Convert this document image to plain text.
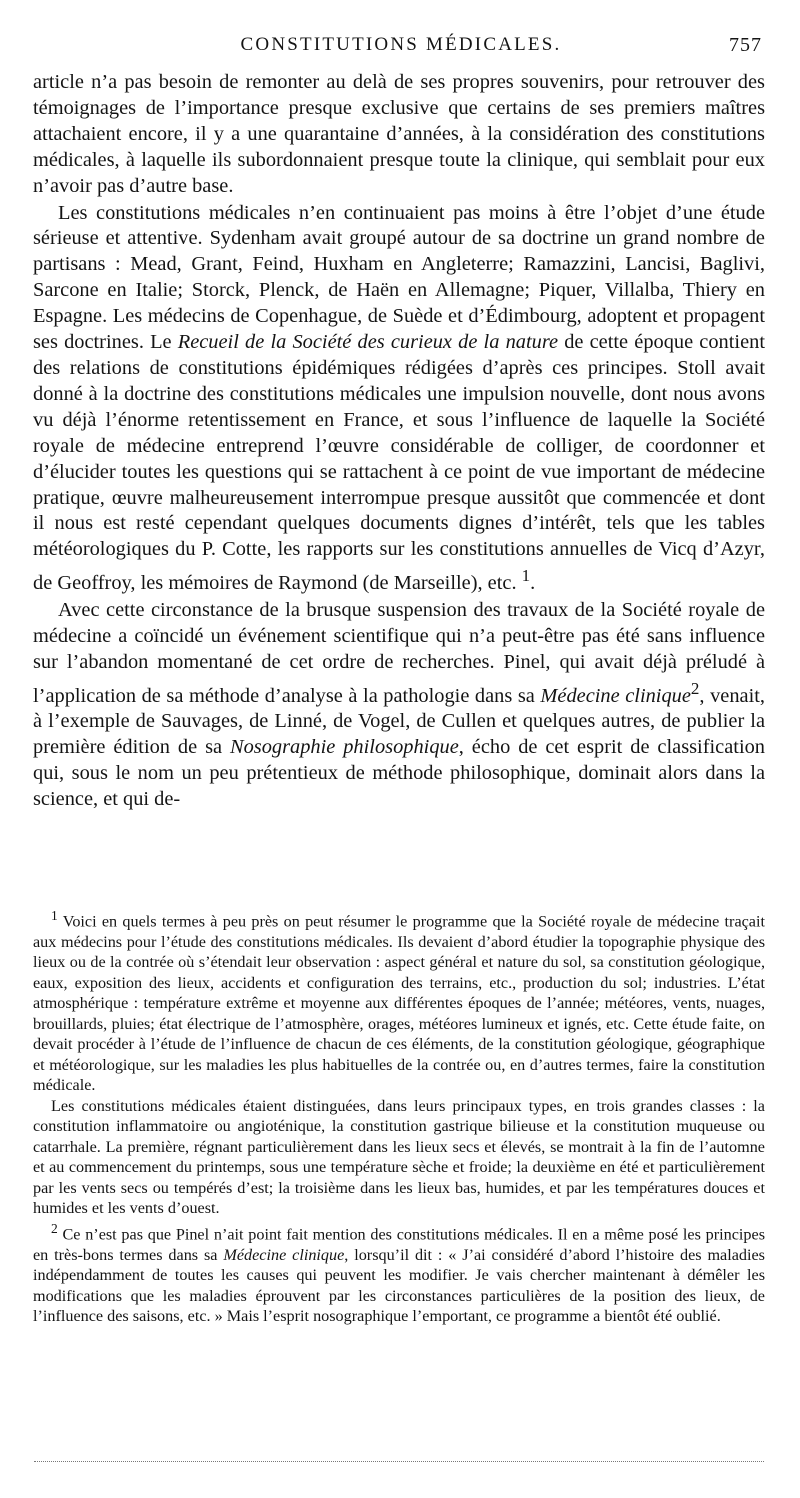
CONSTITUTIONS MÉDICALES.	757

article n’a pas besoin de remonter au delà de ses propres souvenirs, pour retrouver des témoignages de l’importance presque exclusive que certains de ses premiers maîtres attachaient encore, il y a une quarantaine d’années, à la considération des constitutions médicales, à laquelle ils subordonnaient presque toute la clinique, qui semblait pour eux n’avoir pas d’autre base.

Les constitutions médicales n’en continuaient pas moins à être l’objet d’une étude sérieuse et attentive. Sydenham avait groupé autour de sa doctrine un grand nombre de partisans : Mead, Grant, Feind, Huxham en Angleterre; Ramazzini, Lancisi, Baglivi, Sarcone en Italie; Storck, Plenck, de Haën en Allemagne; Piquer, Villalba, Thiery en Espagne. Les médecins de Copenhague, de Suède et d’Édimbourg, adoptent et propagent ses doctrines. Le Recueil de la Société des curieux de la nature de cette époque contient des relations de constitutions épidémiques rédigées d’après ces principes. Stoll avait donné à la doctrine des constitutions médicales une impulsion nouvelle, dont nous avons vu déjà l’énorme retentissement en France, et sous l’influence de laquelle la Société royale de médecine entreprend l’œuvre considérable de colliger, de coordonner et d’élucider toutes les questions qui se rattachent à ce point de vue important de médecine pratique, œuvre malheureusement interrompue presque aussitôt que commencée et dont il nous est resté cependant quelques documents dignes d’intérêt, tels que les tables météorologiques du P. Cotte, les rapports sur les constitutions annuelles de Vicq d’Azyr, de Geoffroy, les mémoires de Raymond (de Marseille), etc. $^1$.

Avec cette circonstance de la brusque suspension des travaux de la Société royale de médecine a coïncidé un événement scientifique qui n’a peut-être pas été sans influence sur l’abandon momentané de cet ordre de recherches. Pinel, qui avait déjà préludé à l’application de sa méthode d’analyse à la pathologie dans sa Médecine clinique$^2$, venait, à l’exemple de Sauvages, de Linné, de Vogel, de Cullen et quelques autres, de publier la première édition de sa Nosographie philosophique, écho de cet esprit de classification qui, sous le nom un peu prétentieux de méthode philosophique, dominait alors dans la science, et qui de-

$^1$ Voici en quels termes à peu près on peut résumer le programme que la Société royale de médecine traçait aux médecins pour l’étude des constitutions médicales. Ils devaient d’abord étudier la topographie physique des lieux ou de la contrée où s’étendait leur observation : aspect général et nature du sol, sa constitution géologique, eaux, exposition des lieux, accidents et configuration des terrains, etc., production du sol; industries. L’état atmosphérique : température extrême et moyenne aux différentes époques de l’année; météores, vents, nuages, brouillards, pluies; état électrique de l’atmosphère, orages, météores lumineux et ignés, etc. Cette étude faite, on devait procéder à l’étude de l’influence de chacun de ces éléments, de la constitution géologique, géographique et météorologique, sur les maladies les plus habituelles de la contrée ou, en d’autres termes, faire la constitution médicale.

Les constitutions médicales étaient distinguées, dans leurs principaux types, en trois grandes classes : la constitution inflammatoire ou angioténique, la constitution gastrique bilieuse et la constitution muqueuse ou catarrhale. La première, régnant particulièrement dans les lieux secs et élevés, se montrait à la fin de l’automne et au commencement du printemps, sous une température sèche et froide; la deuxième en été et particulièrement par les vents secs ou tempérés d’est; la troisième dans les lieux bas, humides, et par les températures douces et humides et les vents d’ouest.

$^2$ Ce n’est pas que Pinel n’ait point fait mention des constitutions médicales. Il en a même posé les principes en très-bons termes dans sa Médecine clinique, lorsqu’il dit : « J’ai considéré d’abord l’histoire des maladies indépendamment de toutes les causes qui peuvent les modifier. Je vais chercher maintenant à démêler les modifications que les maladies éprouvent par les circonstances particulières de la position des lieux, de l’influence des saisons, etc. » Mais l’esprit nosographique l’emportant, ce programme a bientôt été oublié.
